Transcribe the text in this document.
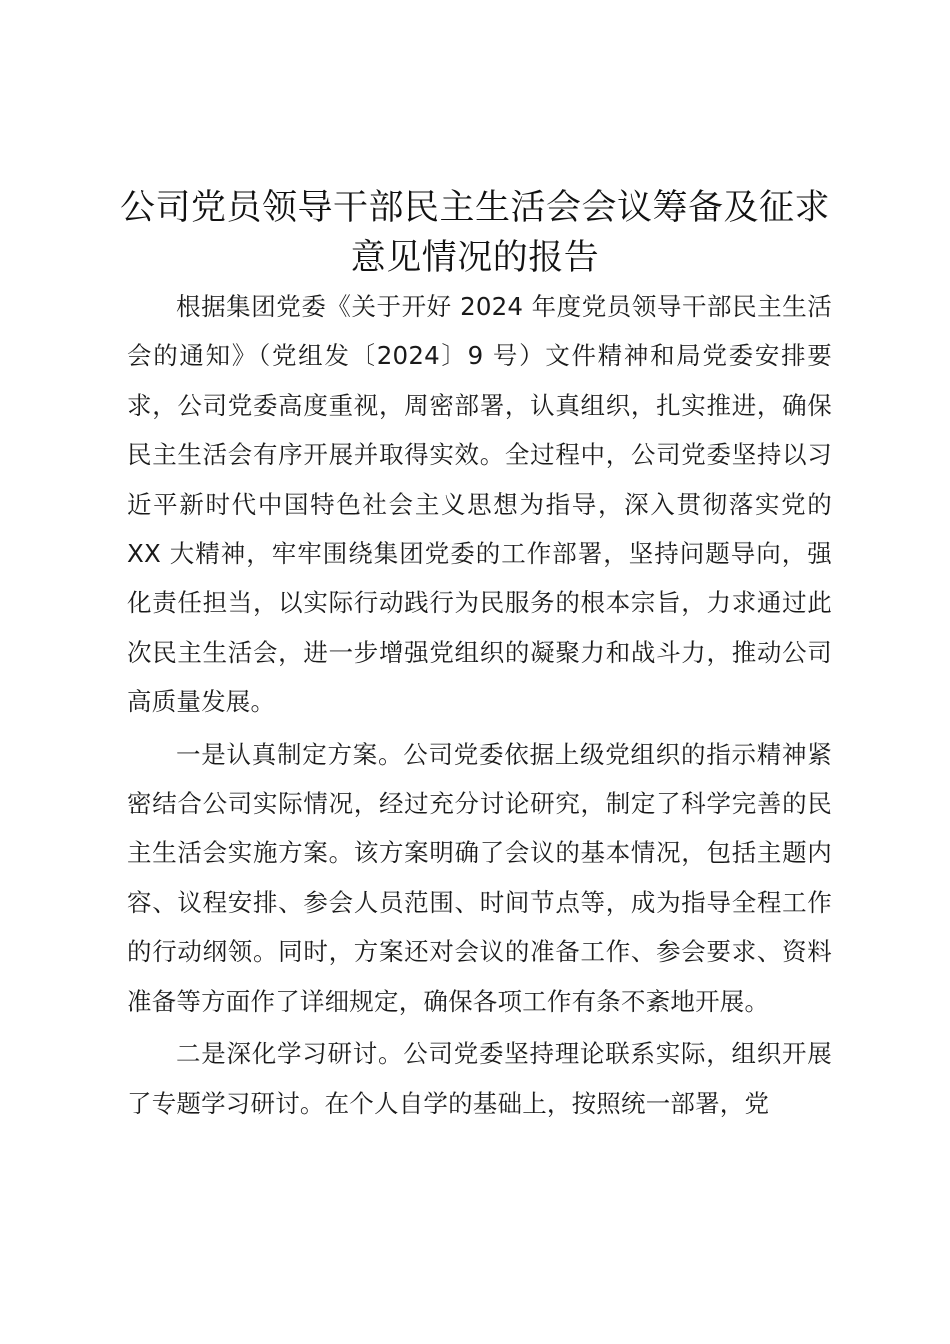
公司党员领导干部民主生活会会议筹备及征求
意见情况的报告

根据集团党委《关于开好 2024 年度党员领导干部民主生活会的通知》（党组发〔2024〕9 号）文件精神和局党委安排要求，公司党委高度重视，周密部署，认真组织，扎实推进，确保民主生活会有序开展并取得实效。全过程中，公司党委坚持以习近平新时代中国特色社会主义思想为指导，深入贯彻落实党的 XX 大精神，牢牢围绕集团党委的工作部署，坚持问题导向，强化责任担当，以实际行动践行为民服务的根本宗旨，力求通过此次民主生活会，进一步增强党组织的凝聚力和战斗力，推动公司高质量发展。

一是认真制定方案。公司党委依据上级党组织的指示精神紧密结合公司实际情况，经过充分讨论研究，制定了科学完善的民主生活会实施方案。该方案明确了会议的基本情况，包括主题内容、议程安排、参会人员范围、时间节点等，成为指导全程工作的行动纲领。同时，方案还对会议的准备工作、参会要求、资料准备等方面作了详细规定，确保各项工作有条不紊地开展。

二是深化学习研讨。公司党委坚持理论联系实际，组织开展了专题学习研讨。在个人自学的基础上，按照统一部署，党
